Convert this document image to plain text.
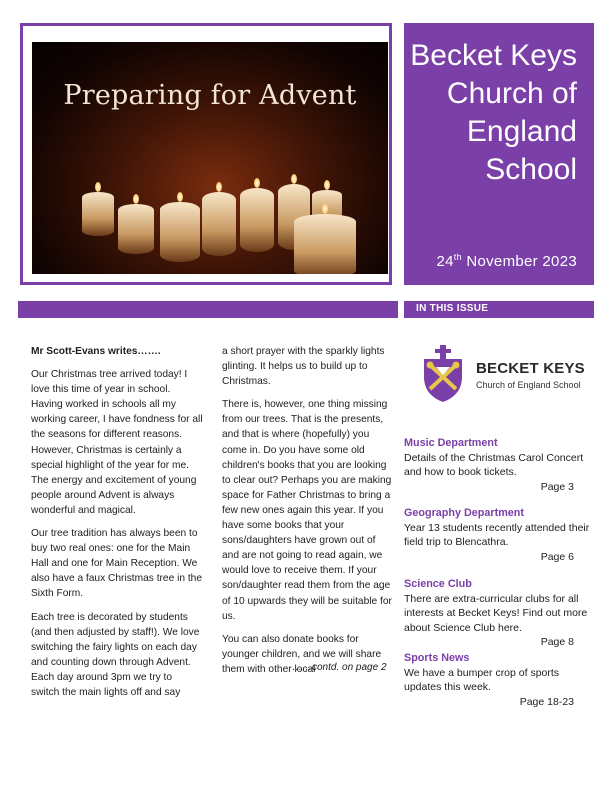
Preparing for Advent
Becket Keys Church of England School
24th November 2023
IN THIS ISSUE

Mr Scott-Evans writes…….

Our Christmas tree arrived today! I love this time of year in school. Having worked in schools all my working career, I have fondness for all the seasons for different reasons. However, Christmas is certainly a special highlight of the year for me. The energy and excitement of young people around Advent is always wonderful and magical.

Our tree tradition has always been to buy two real ones: one for the Main Hall and one for Main Reception. We also have a faux Christmas tree in the Sixth Form.

Each tree is decorated by students (and then adjusted by staff!). We love switching the fairy lights on each day and counting down through Advent. Each day around 3pm we try to switch the main lights off and say

a short prayer with the sparkly lights glinting. It helps us to build up to Christmas.

There is, however, one thing missing from our trees. That is the presents, and that is where (hopefully) you come in. Do you have some old children's books that you are looking to clear out? Perhaps you are making space for Father Christmas to bring a few new ones again this year. If you have some books that your sons/daughters have grown out of and are not going to read again, we would love to receive them. If your son/daughter read them from the age of 10 upwards they will be suitable for us.

You can also donate books for younger children, and we will share them with other local

……contd. on page 2
BECKET KEYS
Church of England School
Music Department
Details of the Christmas Carol Concert and how to book tickets.
Page 3
Geography Department
Year 13 students recently attended their field trip to Blencathra.
Page 6
Science Club
There are extra-curricular clubs for all interests at Becket Keys! Find out more about Science Club here.
Page 8
Sports News
We have a bumper crop of sports updates this week.
Page 18-23
